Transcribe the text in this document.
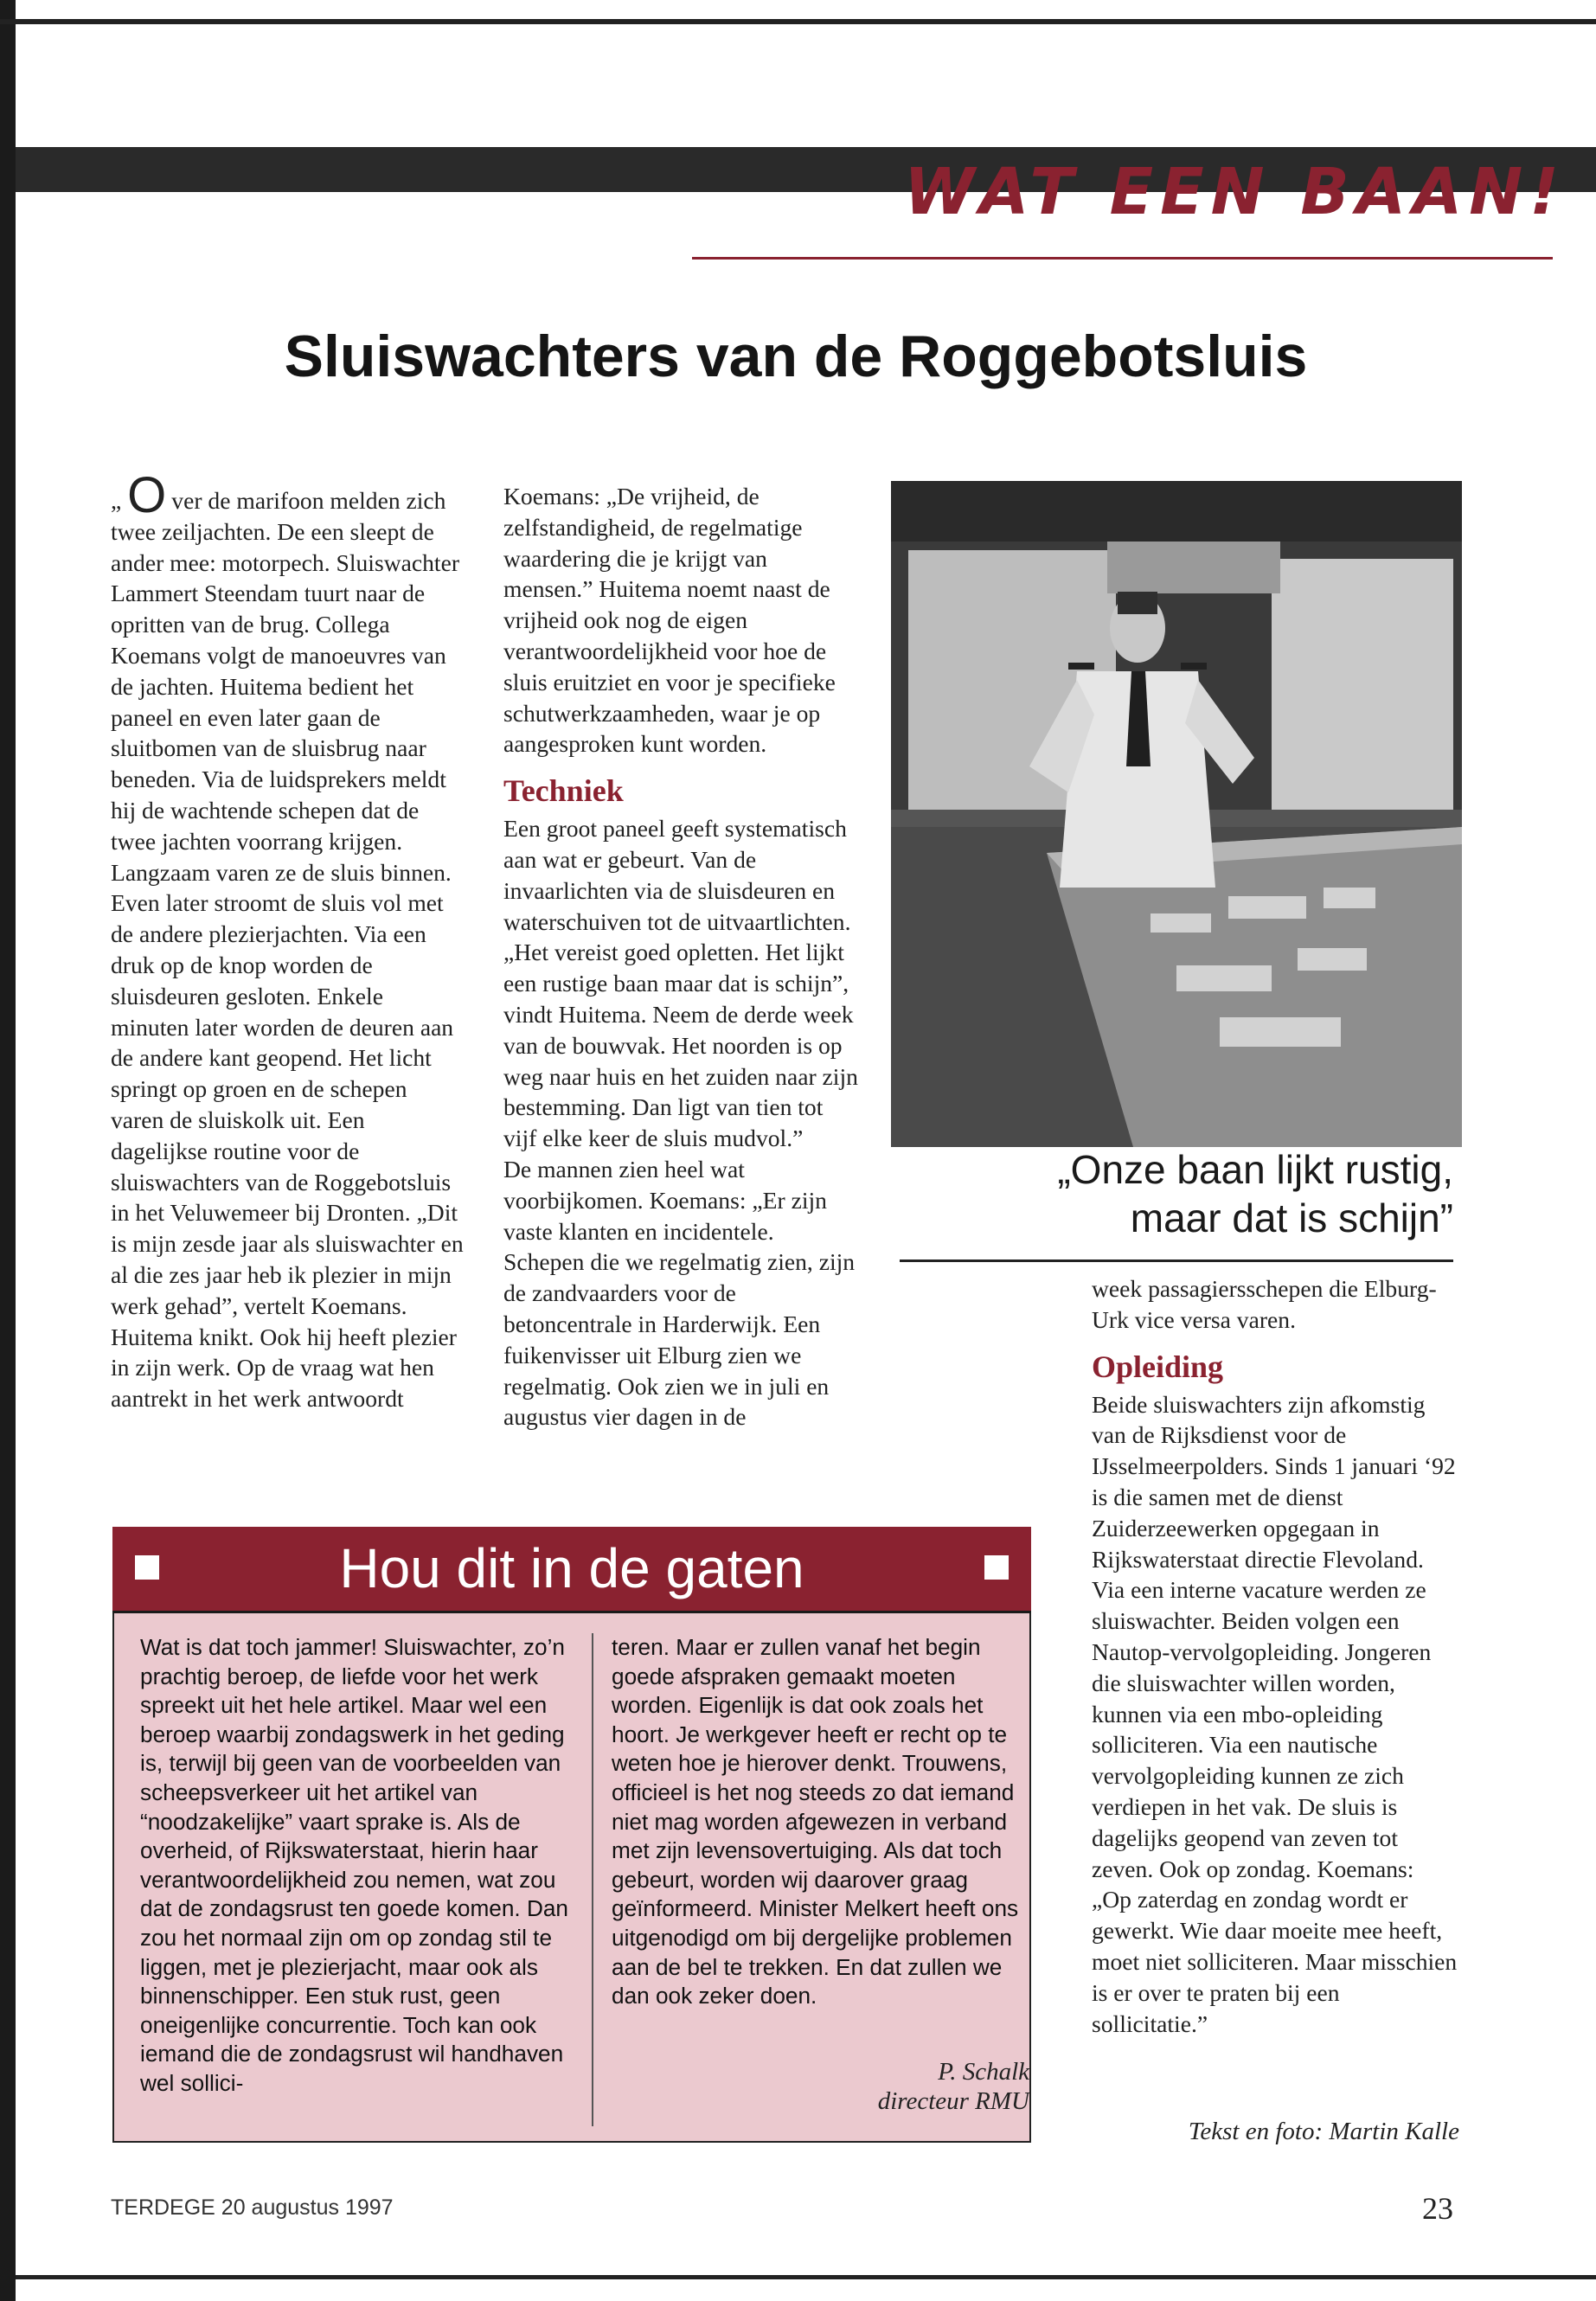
WAT EEN BAAN!
Sluiswachters van de Roggebotsluis

„ O ver de marifoon melden zich twee zeiljachten. De een sleept de ander mee: motorpech. Sluiswachter Lammert Steendam tuurt naar de opritten van de brug. Collega Koemans volgt de manoeuvres van de jachten. Huitema bedient het paneel en even later gaan de sluitbomen van de sluisbrug naar beneden. Via de luidsprekers meldt hij de wachtende schepen dat de twee jachten voorrang krijgen. Langzaam varen ze de sluis binnen. Even later stroomt de sluis vol met de andere plezierjachten. Via een druk op de knop worden de sluisdeuren gesloten. Enkele minuten later worden de deuren aan de andere kant geopend. Het licht springt op groen en de schepen varen de sluiskolk uit. Een dagelijkse routine voor de sluiswachters van de Roggebotsluis in het Veluwemeer bij Dronten. „Dit is mijn zesde jaar als sluiswachter en al die zes jaar heb ik plezier in mijn werk gehad”, vertelt Koemans. Huitema knikt. Ook hij heeft plezier in zijn werk. Op de vraag wat hen aantrekt in het werk antwoordt

Koemans: „De vrijheid, de zelfstandigheid, de regelmatige waardering die je krijgt van mensen.” Huitema noemt naast de vrijheid ook nog de eigen verantwoordelijkheid voor hoe de sluis eruitziet en voor je specifieke schutwerkzaamheden, waar je op aangesproken kunt worden.

Techniek

Een groot paneel geeft systematisch aan wat er gebeurt. Van de invaarlichten via de sluisdeuren en waterschuiven tot de uitvaartlichten. „Het vereist goed opletten. Het lijkt een rustige baan maar dat is schijn”, vindt Huitema. Neem de derde week van de bouwvak. Het noorden is op weg naar huis en het zuiden naar zijn bestemming. Dan ligt van tien tot vijf elke keer de sluis mudvol.”

De mannen zien heel wat voorbijkomen. Koemans: „Er zijn vaste klanten en incidentele. Schepen die we regelmatig zien, zijn de zandvaarders voor de betoncentrale in Harderwijk. Een fuikenvisser uit Elburg zien we regelmatig. Ook zien we in juli en augustus vier dagen in de

„Onze baan lijkt rustig,
maar dat is schijn”

week passagiersschepen die Elburg-Urk vice versa varen.

Opleiding

Beide sluiswachters zijn afkomstig van de Rijksdienst voor de IJsselmeerpolders. Sinds 1 januari ‘92 is die samen met de dienst Zuiderzeewerken opgegaan in Rijkswaterstaat directie Flevoland. Via een interne vacature werden ze sluiswachter. Beiden volgen een Nautop-vervolgopleiding. Jongeren die sluiswachter willen worden, kunnen via een mbo-opleiding solliciteren. Via een nautische vervolgopleiding kunnen ze zich verdiepen in het vak. De sluis is dagelijks geopend van zeven tot zeven. Ook op zondag. Koemans: „Op zaterdag en zondag wordt er gewerkt. Wie daar moeite mee heeft, moet niet solliciteren. Maar misschien is er over te praten bij een sollicitatie.”

Hou dit in de gaten
Wat is dat toch jammer! Sluiswachter, zo’n prachtig beroep, de liefde voor het werk spreekt uit het hele artikel. Maar wel een beroep waarbij zondagswerk in het geding is, terwijl bij geen van de voorbeelden van scheepsverkeer uit het artikel van “noodzakelijke” vaart sprake is. Als de overheid, of Rijkswaterstaat, hierin haar verantwoordelijkheid zou nemen, wat zou dat de zondagsrust ten goede komen. Dan zou het normaal zijn om op zondag stil te liggen, met je plezierjacht, maar ook als binnenschipper. Een stuk rust, geen oneigenlijke concurrentie. Toch kan ook iemand die de zondagsrust wil handhaven wel sollici-
teren. Maar er zullen vanaf het begin goede afspraken gemaakt moeten worden. Eigenlijk is dat ook zoals het hoort. Je werkgever heeft er recht op te weten hoe je hierover denkt. Trouwens, officieel is het nog steeds zo dat iemand niet mag worden afgewezen in verband met zijn levensovertuiging. Als dat toch gebeurt, worden wij daarover graag geïnformeerd. Minister Melkert heeft ons uitgenodigd om bij dergelijke problemen aan de bel te trekken. En dat zullen we dan ook zeker doen.
P. Schalk
directeur RMU
Tekst en foto: Martin Kalle
TERDEGE 20 augustus 1997	23
